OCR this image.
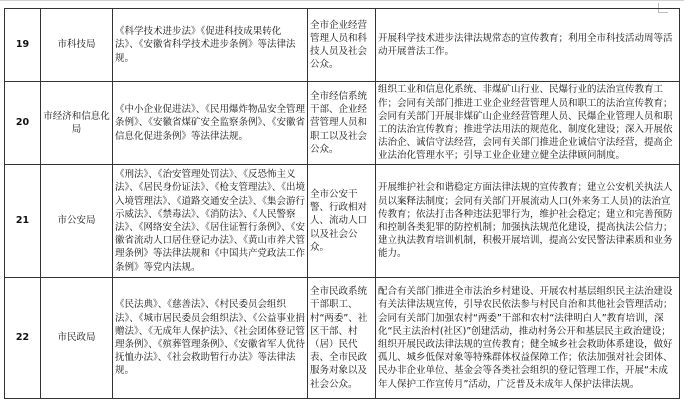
19	市科技局	《科学技术进步法》《促进科技成果转化法》、《安徽省科学技术进步条例》等法律法规。	全市企业经营管理人员和科技人员及社会公众。	开展科学技术进步法律法规常态的宣传教育；利用全市科技活动周等活动开展普法工作。
20	市经济和信息化局	《中小企业促进法》、《民用爆炸物品安全管理条例》、《安徽省煤矿安全监察条例》、《安徽省信息化促进条例》等法律法规。	全市经信系统干部、企业经营管理人员和职工以及社会公众。	组织工业和信息化系统、非煤矿山行业、民爆行业的法治宣传教育工作；会同有关部门推进工业企业经营管理人员和职工的法治宣传教育；会同有关部门开展非煤矿山企业经营管理人员、民爆企业管理人员和职工的法治宣传教育；推进学法用法的规范化、制度化建设；深入开展依法治企、诚信守法经营，会同有关部门推进企业诚信守法经营，提高企业法治化管理水平；引导工业企业建立健全法律顾问制度。
21	市公安局	《刑法》、《治安管理处罚法》、《反恐怖主义法》、《居民身份证法》、《枪支管理法》、《出境入境管理法》、《道路交通安全法》、《集会游行示威法》、《禁毒法》、《消防法》、《人民警察法》、《网络安全法》、《居住证暂行条例》、《安徽省流动人口居住登记办法》、《黄山市养犬管理条例》等法律法规和《中国共产党政法工作条例》等党内法规。	全市公安干警、行政相对人、流动人口以及社会公众。	开展维护社会和谐稳定方面法律法规的宣传教育；建立公安机关执法人员以案释法制度；会同有关部门开展流动人口(外来务工人员)的法治宣传教育；依法打击各种违法犯罪行为，维护社会稳定；建立和完善预防和控制各类犯罪的防控机制；加强执法规范化建设，提高执法公信力；建立执法教育培训机制，积极开展培训，提高公安民警法律素质和业务能力。
22	市民政局	《民法典》、《慈善法》、《村民委员会组织法》、《城市居民委员会组织法》、《公益事业捐赠法》、《无成年人保护法》、《社会团体登记管理条例》、《殡葬管理条例》、《安徽省军人优待抚恤办法》、《社会救助暂行办法》等法律法规。	全市民政系统干部职工、村“两委”、社区干部、村（居）民代表、全市民政服务对象以及社会公众。	配合有关部门推进全市法治乡村建设、开展农村基层组织民主法治建设有关法律法规宣传，引导农民依法参与村民自治和其他社会管理活动；会同有关部门加强农村“两委”干部和农村“法律明白人”教育培训，深化“民主法治村(社区)”创建活动，推动村务公开和基层民主政治建设；组织开展民政法律法规的宣传教育；健全城乡社会救助体系建设，做好孤儿、城乡低保对象等特殊群体权益保障工作；依法加强对社会团体、民办非企业单位、基金会等各类社会组织的登记管理工作，开展“未成年人保护工作宣传月”活动，广泛普及未成年人保护法律法规。
